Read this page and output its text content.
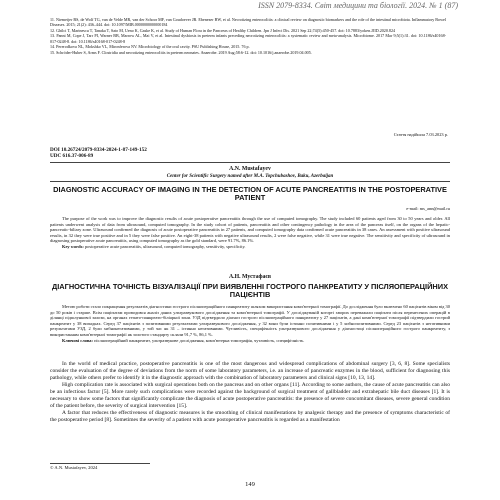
ISSN 2079-8334. Світ медицини та біології. 2024. № 1 (87)

11. Niemeijer BS, de Wolf TG, van de Velde MR, van der Schoor MF, van Goudoever JB. Ebenezer BW, et al. Necrotizing enterocolitis: a clinical review on diagnostic biomarkers and the role of the intestinal microbiota. Inflammatory Bowel Diseases. 2015; 21(2): 436–444. doi: 10.1097/MIB.0000000000000184

12. Ghilci T, Marinescu T, Tanaka T, Sato M, Ueno K, Gaske K, et al. Study of Human Flora in the Pancreas of Healthy Children. Jpn J Infect Dis. 2021 Sep 22;74(5):450-457. doi: 10.7883/yoken.JJID.2020.824

13. Panni M, Cope J, Tarr PI, Warner BB, Marrow AL, Mai V, et al. Intestinal dysbiosis in preterm infants preceding necrotizing enterocolitis: a systematic review and meta-analysis. Microbiome. 2017 Mar 9;5(1):31. doi: 10.1186/s40168-017-0248-8. doi: 10.1186/s40168-017-0248-8

14. Pererodkova NL, Mokshko VL, Mironferova NV. Microbiology of the oral cavity. PSU Publishing House, 2015. 76 p.

15. Schröder-Huber S, Arms F. Clostridia and necrotizing enterocolitis in preterm neonates. Anaerobe. 2019 Aug;58:6-12. doi: 10.1016/j.anaerobe.2019.04.005.

Стаття надійшла 7.03.2023 р.
DOI 10.26724/2079-8334-2024-1-87-149-152
UDC 616.37-006-89
A.N. Mustafayev
Center for Scientific Surgery named after M.A. Topchubashov, Baku, Azerbaijan
DIAGNOSTIC ACCURACY OF IMAGING IN THE DETECTION OF ACUTE PANCREATITIS IN THE POSTOPERATIVE PATIENT
e-mail: ms_ann@mail.ru

The purpose of the work was to improve the diagnostic results of acute postoperative pancreatitis through the use of computed tomography. The study included 60 patients aged from 30 to 50 years and older. All patients underwent analysis of data from ultrasound, computed tomography. In the study cohort of patients, pancreatitis and other contingency pathology in the area of the pancreas itself, on the organs of the hepatic-pancreatic-biliary zone. Ultrasound confirmed the diagnosis of acute postoperative pancreatitis in 27 patients, and computed tomography data confirmed acute pancreatitis in 38 cases. An assessment with positive ultrasound results, in 32 they were true positive and in 5 they were false positive. An eight-38 patients with negative ultrasound results, 2 were false negative, while 31 were true negative. The sensitivity and specificity of ultrasound in diagnosing postoperative acute pancreatitis, using computed tomography as the gold standard, were 91.7%, 86.1%.

Key words: postoperative acute pancreatitis, ultrasound, computed tomography, sensitivity, specificity.

А.Н. Мустафаєв
ДІАГНОСТИЧНА ТОЧНІСТЬ ВІЗУАЛІЗАЦІЇ ПРИ ВИЯВЛЕННІ ГОСТРОГО ПАНКРЕАТИТУ У ПІСЛЯОПЕРАЦІЙНИХ ПАЦІЄНТІВ

Метою роботи стало покращення результатів діагностики гострого післяопераційного панкреатиту шляхом використання комп'ютерної томографії. До дослідження було включено 60 пацієнтів віком від 30 до 50 років і старше. Всім пацієнтам проводився аналіз даних ультразвукового дослідження та комп'ютерної томографії. У досліджуваній когорті хворих переважали пацієнти після перенесених операцій в ділянці підшлункової залози, на органах гепато-панкреато-біліарної зони. УЗД підтвердило діагноз гострого післяопераційного панкреатиту у 27 пацієнтів, а дані комп'ютерної томографії підтвердили гострий панкреатит у 38 випадках. Серед 37 пацієнтів з позитивними результатами ультразвукового дослідження, у 32 вони були істинно позитивними і у 5 хибнопозитивними. Серед 23 пацієнтів з негативними результатами УЗД, 2 були хибнонегативними, у той час як 31 – істинно негативними. Чутливість, специфічність ультразвукового дослідження у діагностиці післяопераційного гострого панкреатиту, з використанням комп'ютерної томографії як золотого стандарту склали 91,7 %, 86,1 %.

Ключові слова: післяопераційний панкреатит, ультразвукове дослідження, комп'ютерна томографія, чутливість, специфічність.

In the world of medical practice, postoperative pancreatitis is one of the most dangerous and widespread complications of abdominal surgery [3, 6, 8]. Some specialists consider the evaluation of the degree of deviations from the norm of some laboratory parameters, i.e. an increase of pancreatic enzymes in the blood, sufficient for diagnosing this pathology, while others prefer to identify it in the diagnostic approach with the combination of laboratory parameters and clinical signs [10, 13, 14].

High complication rate is associated with surgical operations both on the pancreas and on other organs [11]. According to some authors, the cause of acute pancreatitis can also be an infectious factor [5]. More rarely such complications were recorded against the background of surgical treatment of gallbladder and extrahepatic bile duct diseases [1]. It is necessary to show some factors that significantly complicate the diagnosis of acute postoperative pancreatitis: the presence of severe concomitant diseases, severe general condition of the patient before, the severity of surgical intervention [15].

A factor that reduces the effectiveness of diagnostic measures is the smoothing of clinical manifestations by analgesic therapy and the presence of symptoms characteristic of the postoperative period [8]. Sometimes the severity of a patient with acute postoperative pancreatitis is regarded as a manifestation

© A.N. Mustafayev, 2024
149
